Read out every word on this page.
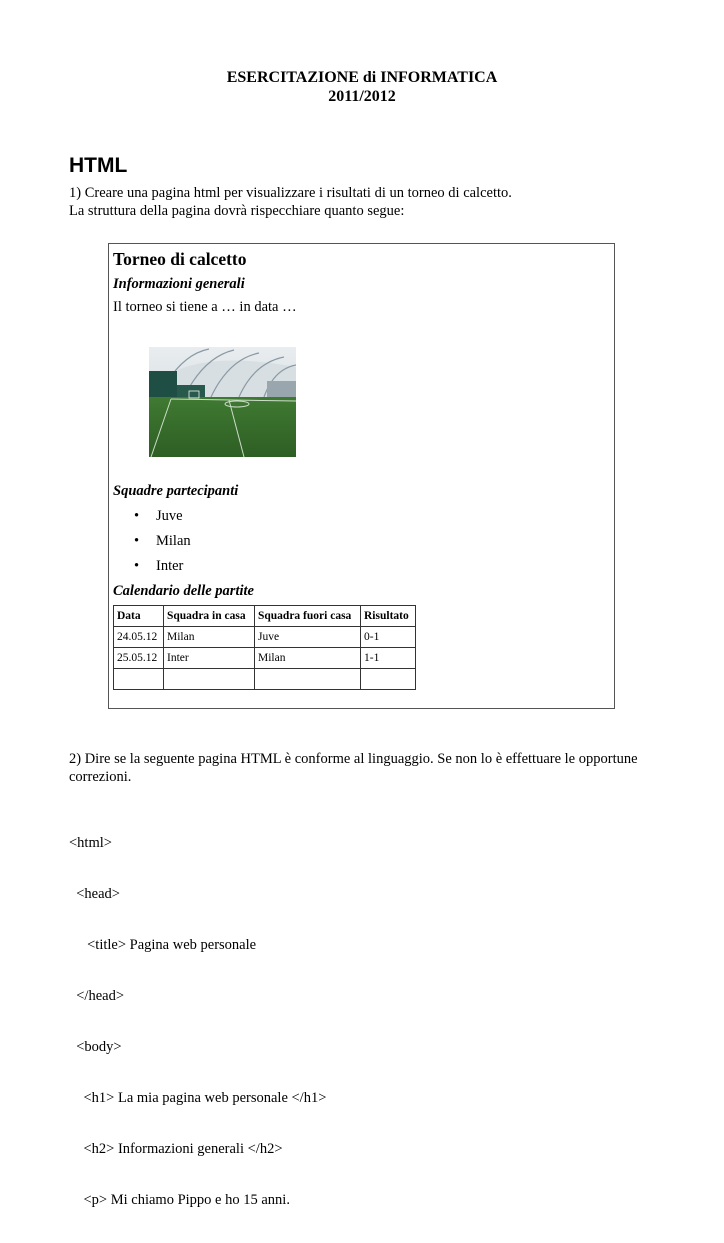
ESERCITAZIONE di INFORMATICA
2011/2012
HTML
1) Creare una pagina html per visualizzare i risultati di un torneo di calcetto.
La struttura della pagina dovrà rispecchiare quanto segue:
Torneo di calcetto
Informazioni generali
Il torneo si tiene a … in data …
Squadre partecipanti
• Juve
• Milan
• Inter
Calendario delle partite
Data	Squadra in casa	Squadra fuori casa	Risultato
24.05.12	Milan	Juve	0-1
25.05.12	Inter	Milan	1-1

2) Dire se la seguente pagina HTML è conforme al linguaggio. Se non lo è effettuare le opportune
correzioni.

<html>

<head>

<title> Pagina web personale

</head>

<body>

<h1> La mia pagina web personale </h1>

<h2> Informazioni generali </h2>

<p> Mi chiamo Pippo e ho 15 anni.
